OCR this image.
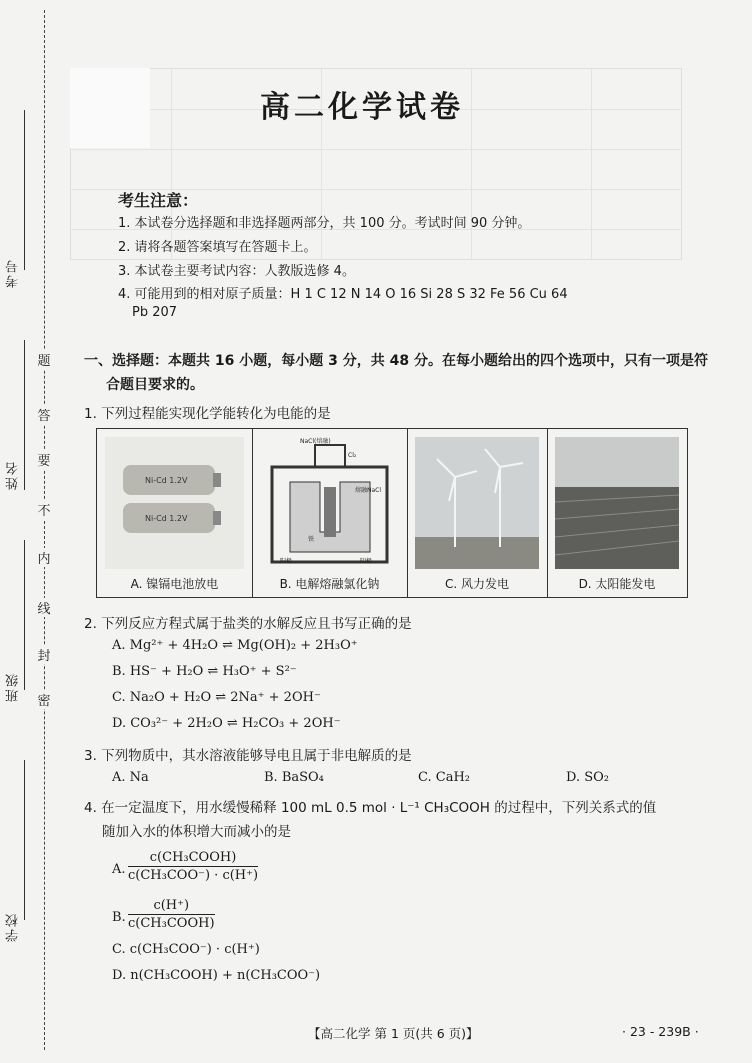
考号
姓名
班级
学校
题
答
要
不
内
线
封
密
高二化学试卷
考生注意：
1. 本试卷分选择题和非选择题两部分，共 100 分。考试时间 90 分钟。
2. 请将各题答案填写在答题卡上。
3. 本试卷主要考试内容：人教版选修 4。
4. 可能用到的相对原子质量：H 1 C 12 N 14 O 16 Si 28 S 32 Fe 56 Cu 64
Pb 207
一、选择题：本题共 16 小题，每小题 3 分，共 48 分。在每小题给出的四个选项中，只有一项是符
合题目要求的。
1. 下列过程能实现化学能转化为电能的是
Ni-Cd 1.2V
Ni-Cd 1.2V
A. 镍镉电池放电
NaCl(熔融)
Cl₂
熔融NaCl
铁
阳极	阴极
B. 电解熔融氯化钠	C. 风力发电	D. 太阳能发电
2. 下列反应方程式属于盐类的水解反应且书写正确的是
A. Mg²⁺ + 4H₂O ⇌ Mg(OH)₂ + 2H₃O⁺
B. HS⁻ + H₂O ⇌ H₃O⁺ + S²⁻
C. Na₂O + H₂O ⇌ 2Na⁺ + 2OH⁻
D. CO₃²⁻ + 2H₂O ⇌ H₂CO₃ + 2OH⁻
3. 下列物质中，其水溶液能够导电且属于非电解质的是
A. Na	B. BaSO₄	C. CaH₂	D. SO₂
4. 在一定温度下，用水缓慢稀释 100 mL 0.5 mol · L⁻¹ CH₃COOH 的过程中，下列关系式的值
随加入水的体积增大而减小的是
A.
c(CH₃COOH)
c(CH₃COO⁻) · c(H⁺)
B.
c(H⁺)
c(CH₃COOH)
C. c(CH₃COO⁻) · c(H⁺)
D. n(CH₃COOH) + n(CH₃COO⁻)
【高二化学 第 1 页(共 6 页)】	· 23 - 239B ·
